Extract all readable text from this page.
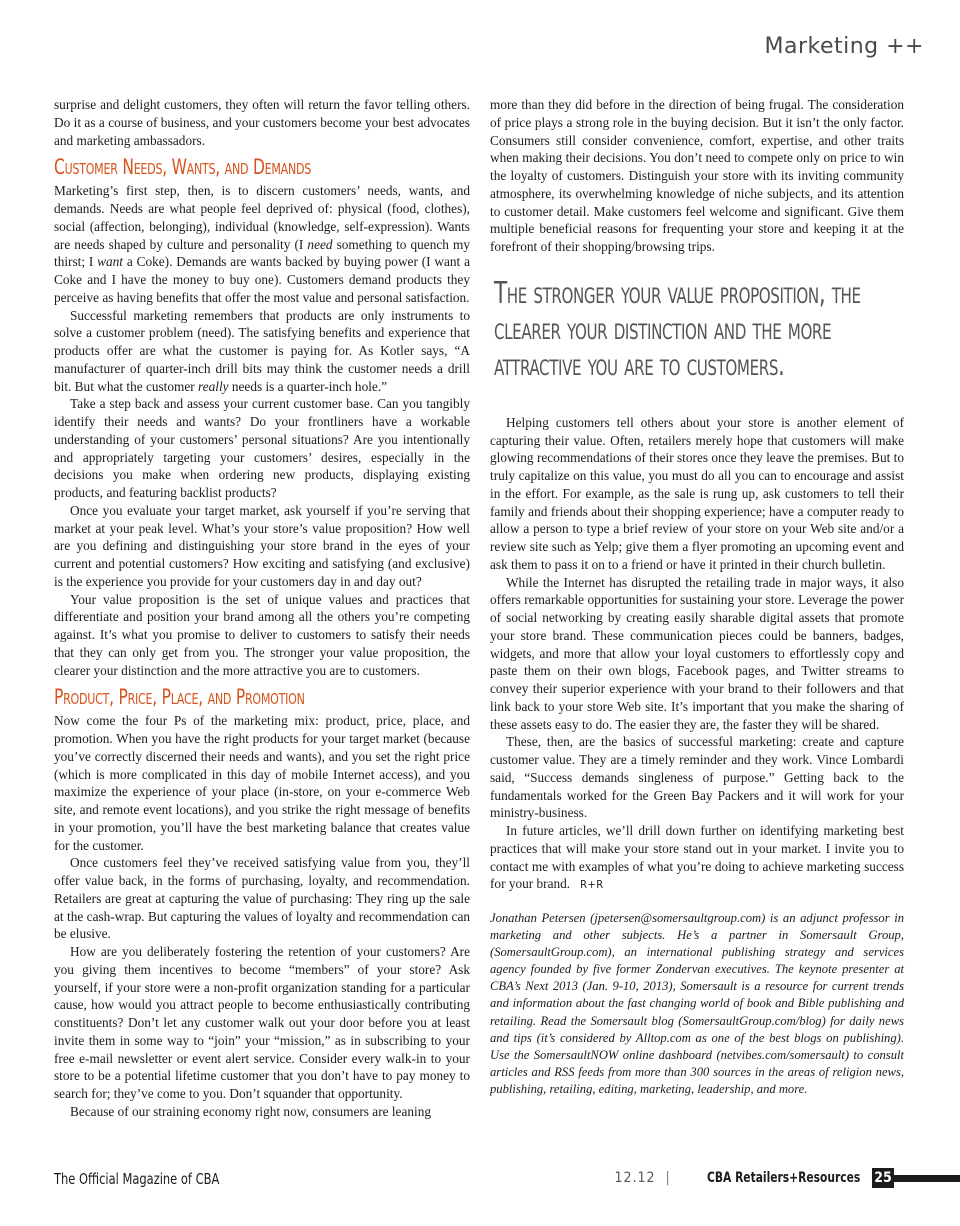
Marketing ++

surprise and delight customers, they often will return the favor telling others. Do it as a course of business, and your customers become your best advocates and marketing ambassadors.

Customer Needs, Wants, and Demands

Marketing’s first step, then, is to discern customers’ needs, wants, and demands. Needs are what people feel deprived of: physical (food, clothes), social (affection, belonging), individual (knowledge, self-expression). Wants are needs shaped by culture and personality (I need something to quench my thirst; I want a Coke). Demands are wants backed by buying power (I want a Coke and I have the money to buy one). Customers demand products they perceive as having benefits that offer the most value and personal satisfaction.

Successful marketing remembers that products are only instruments to solve a customer problem (need). The satisfying benefits and experience that products offer are what the customer is paying for. As Kotler says, “A manufacturer of quarter-inch drill bits may think the customer needs a drill bit. But what the customer really needs is a quarter-inch hole.”

Take a step back and assess your current customer base. Can you tangibly identify their needs and wants? Do your frontliners have a workable understanding of your customers’ personal situations? Are you intentionally and appropriately targeting your customers’ desires, especially in the decisions you make when ordering new products, displaying existing products, and featuring backlist products?

Once you evaluate your target market, ask yourself if you’re serving that market at your peak level. What’s your store’s value proposition? How well are you defining and distinguishing your store brand in the eyes of your current and potential customers? How exciting and satisfying (and exclusive) is the experience you provide for your customers day in and day out?

Your value proposition is the set of unique values and practices that differentiate and position your brand among all the others you’re competing against. It’s what you promise to deliver to customers to satisfy their needs that they can only get from you. The stronger your value proposition, the clearer your distinction and the more attractive you are to customers.

Product, Price, Place, and Promotion

Now come the four Ps of the marketing mix: product, price, place, and promotion. When you have the right products for your target market (because you’ve correctly discerned their needs and wants), and you set the right price (which is more complicated in this day of mobile Internet access), and you maximize the experience of your place (in-store, on your e-commerce Web site, and remote event locations), and you strike the right message of benefits in your promotion, you’ll have the best marketing balance that creates value for the customer.

Once customers feel they’ve received satisfying value from you, they’ll offer value back, in the forms of purchasing, loyalty, and recommendation. Retailers are great at capturing the value of purchasing: They ring up the sale at the cash-wrap. But capturing the values of loyalty and recommendation can be elusive.

How are you deliberately fostering the retention of your customers? Are you giving them incentives to become “members” of your store? Ask yourself, if your store were a non-profit organization standing for a particular cause, how would you attract people to become enthusiastically contributing constituents? Don’t let any customer walk out your door before you at least invite them in some way to “join” your “mission,” as in subscribing to your free e-mail newsletter or event alert service. Consider every walk-in to your store to be a potential lifetime customer that you don’t have to pay money to search for; they’ve come to you. Don’t squander that opportunity.

Because of our straining economy right now, consumers are leaning

more than they did before in the direction of being frugal. The consideration of price plays a strong role in the buying decision. But it isn’t the only factor. Consumers still consider convenience, comfort, expertise, and other traits when making their decisions. You don’t need to compete only on price to win the loyalty of customers. Distinguish your store with its inviting community atmosphere, its overwhelming knowledge of niche subjects, and its attention to customer detail. Make customers feel welcome and significant. Give them multiple beneficial reasons for frequenting your store and keeping it at the forefront of their shopping/browsing trips.

The stronger your value proposition, the clearer your distinction and the more attractive you are to customers.

Helping customers tell others about your store is another element of capturing their value. Often, retailers merely hope that customers will make glowing recommendations of their stores once they leave the premises. But to truly capitalize on this value, you must do all you can to encourage and assist in the effort. For example, as the sale is rung up, ask customers to tell their family and friends about their shopping experience; have a computer ready to allow a person to type a brief review of your store on your Web site and/or a review site such as Yelp; give them a flyer promoting an upcoming event and ask them to pass it on to a friend or have it printed in their church bulletin.

While the Internet has disrupted the retailing trade in major ways, it also offers remarkable opportunities for sustaining your store. Leverage the power of social networking by creating easily sharable digital assets that promote your store brand. These communication pieces could be banners, badges, widgets, and more that allow your loyal customers to effortlessly copy and paste them on their own blogs, Facebook pages, and Twitter streams to convey their superior experience with your brand to their followers and that link back to your store Web site. It’s important that you make the sharing of these assets easy to do. The easier they are, the faster they will be shared.

These, then, are the basics of successful marketing: create and capture customer value. They are a timely reminder and they work. Vince Lombardi said, “Success demands singleness of purpose.” Getting back to the fundamentals worked for the Green Bay Packers and it will work for your ministry-business.

In future articles, we’ll drill down further on identifying marketing best practices that will make your store stand out in your market. I invite you to contact me with examples of what you’re doing to achieve marketing success for your brand. R+R

Jonathan Petersen (jpetersen@somersaultgroup.com) is an adjunct professor in marketing and other subjects. He’s a partner in Somersault Group, (SomersaultGroup.com), an international publishing strategy and services agency founded by five former Zondervan executives. The keynote presenter at CBA’s Next 2013 (Jan. 9-10, 2013), Somersault is a resource for current trends and information about the fast changing world of book and Bible publishing and retailing. Read the Somersault blog (SomersaultGroup.com/blog) for daily news and tips (it’s considered by Alltop.com as one of the best blogs on publishing). Use the SomersaultNOW online dashboard (netvibes.com/somersault) to consult articles and RSS feeds from more than 300 sources in the areas of religion news, publishing, retailing, editing, marketing, leadership, and more.

The Official Magazine of CBA	12.12 |	CBA Retailers+Resources 25
